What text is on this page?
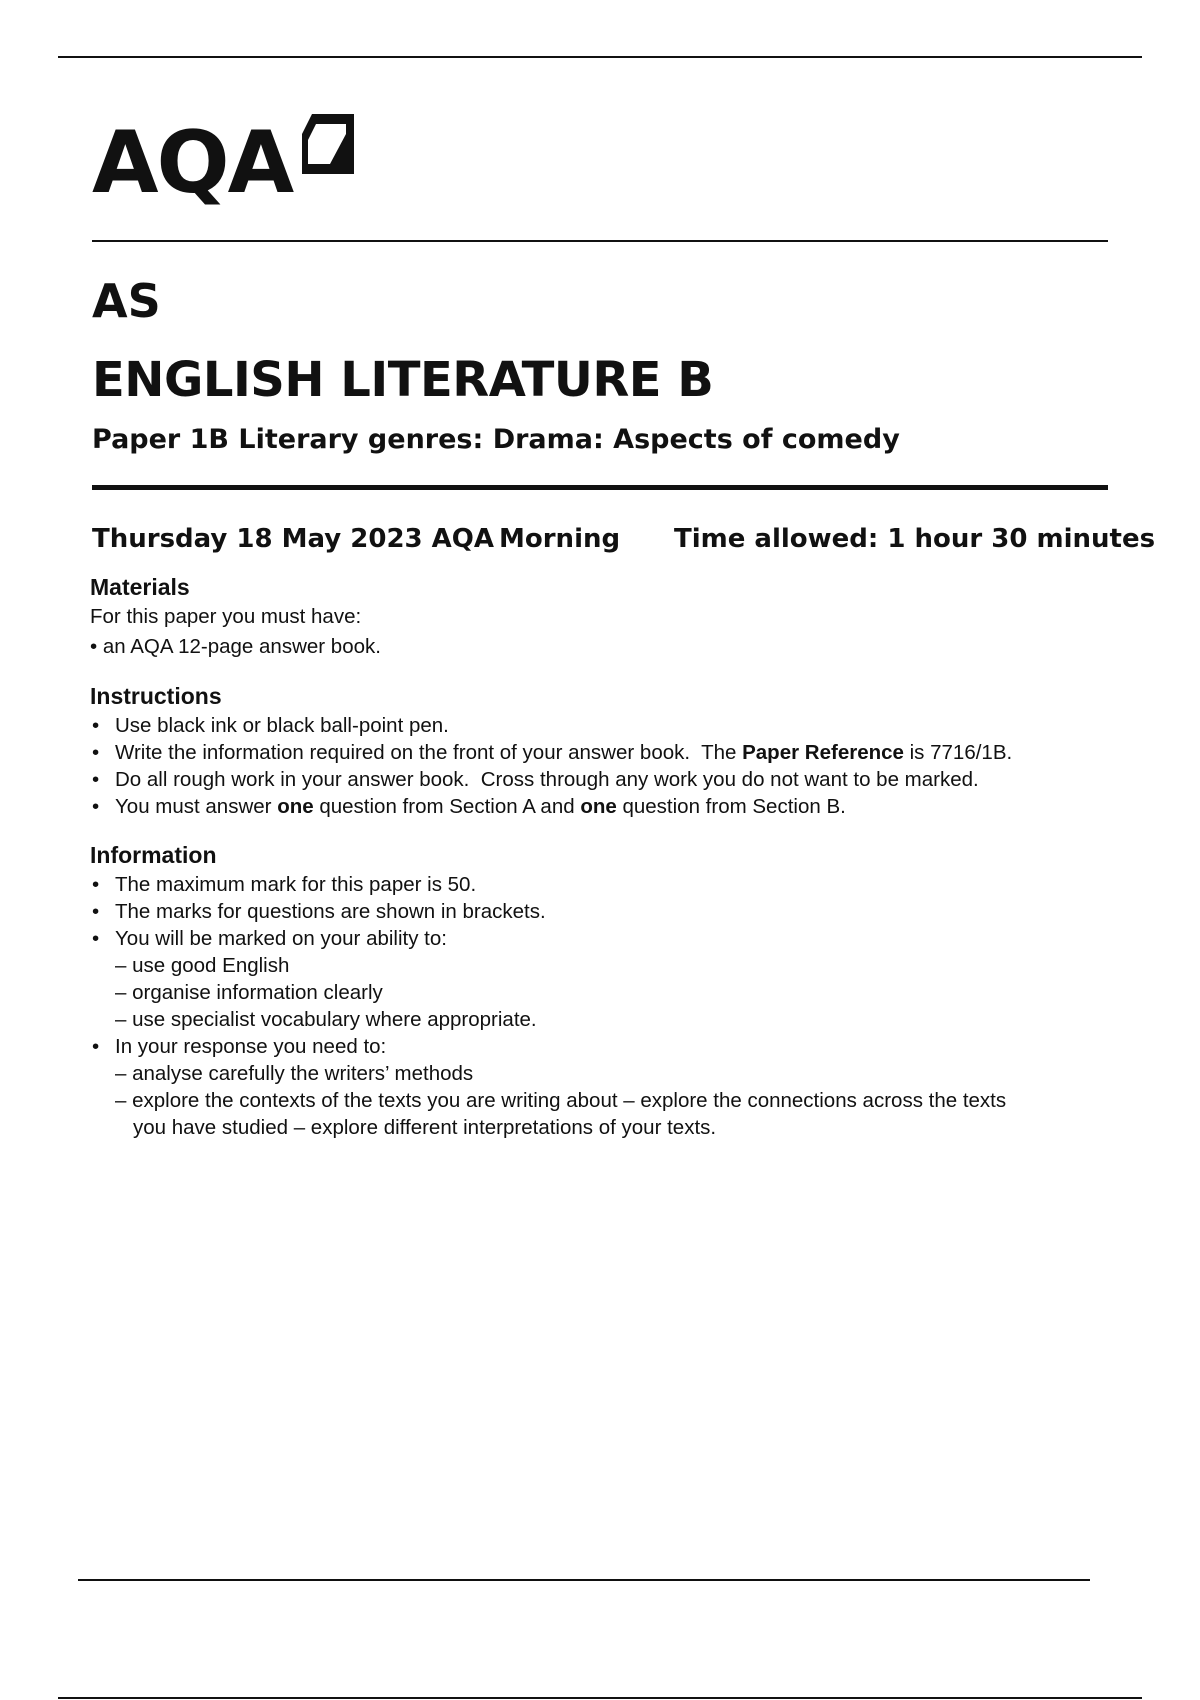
AQA
AS
ENGLISH LITERATURE B
Paper 1B Literary genres: Drama: Aspects of comedy
Thursday 18 May 2023 AQA Morning Time allowed: 1 hour 30 minutes
Materials
For this paper you must have:
• an AQA 12-page answer book.
Instructions
• Use black ink or black ball-point pen.
• Write the information required on the front of your answer book.  The Paper Reference is 7716/1B.
• Do all rough work in your answer book.  Cross through any work you do not want to be marked.
• You must answer one question from Section A and one question from Section B.
Information
• The maximum mark for this paper is 50.
• The marks for questions are shown in brackets.
• You will be marked on your ability to:
– use good English
– organise information clearly
– use specialist vocabulary where appropriate.
• In your response you need to:
– analyse carefully the writers’ methods
– explore the contexts of the texts you are writing about – explore the connections across the texts
you have studied – explore different interpretations of your texts.
